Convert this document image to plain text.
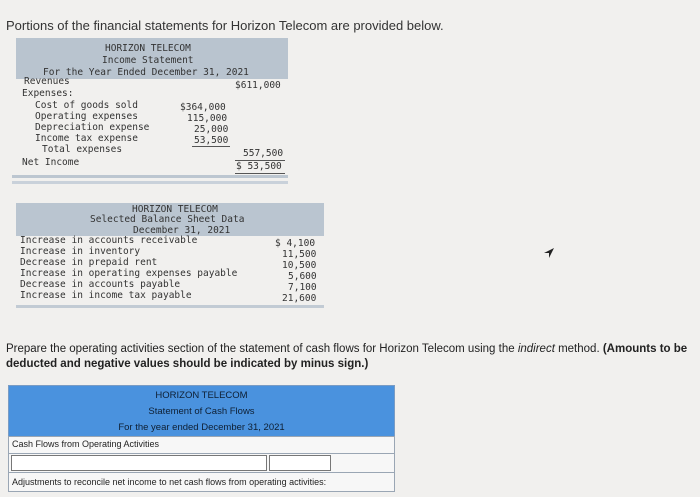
Portions of the financial statements for Horizon Telecom are provided below.
HORIZON TELECOM
Income Statement
For the Year Ended December 31, 2021
Revenues	$611,000
Expenses:
Cost of goods sold	$364,000
Operating expenses	115,000
Depreciation expense	25,000
Income tax expense	53,500
Total expenses	557,500
Net Income	$ 53,500
HORIZON TELECOM
Selected Balance Sheet Data
December 31, 2021
Increase in accounts receivable	$ 4,100
Increase in inventory	11,500
Decrease in prepaid rent	10,500
Increase in operating expenses payable	5,600
Decrease in accounts payable	7,100
Increase in income tax payable	21,600
Prepare the operating activities section of the statement of cash flows for Horizon Telecom using the indirect method. (Amounts to be deducted and negative values should be indicated by minus sign.)
HORIZON TELECOM
Statement of Cash Flows
For the year ended December 31, 2021
Cash Flows from Operating Activities
Adjustments to reconcile net income to net cash flows from operating activities:
